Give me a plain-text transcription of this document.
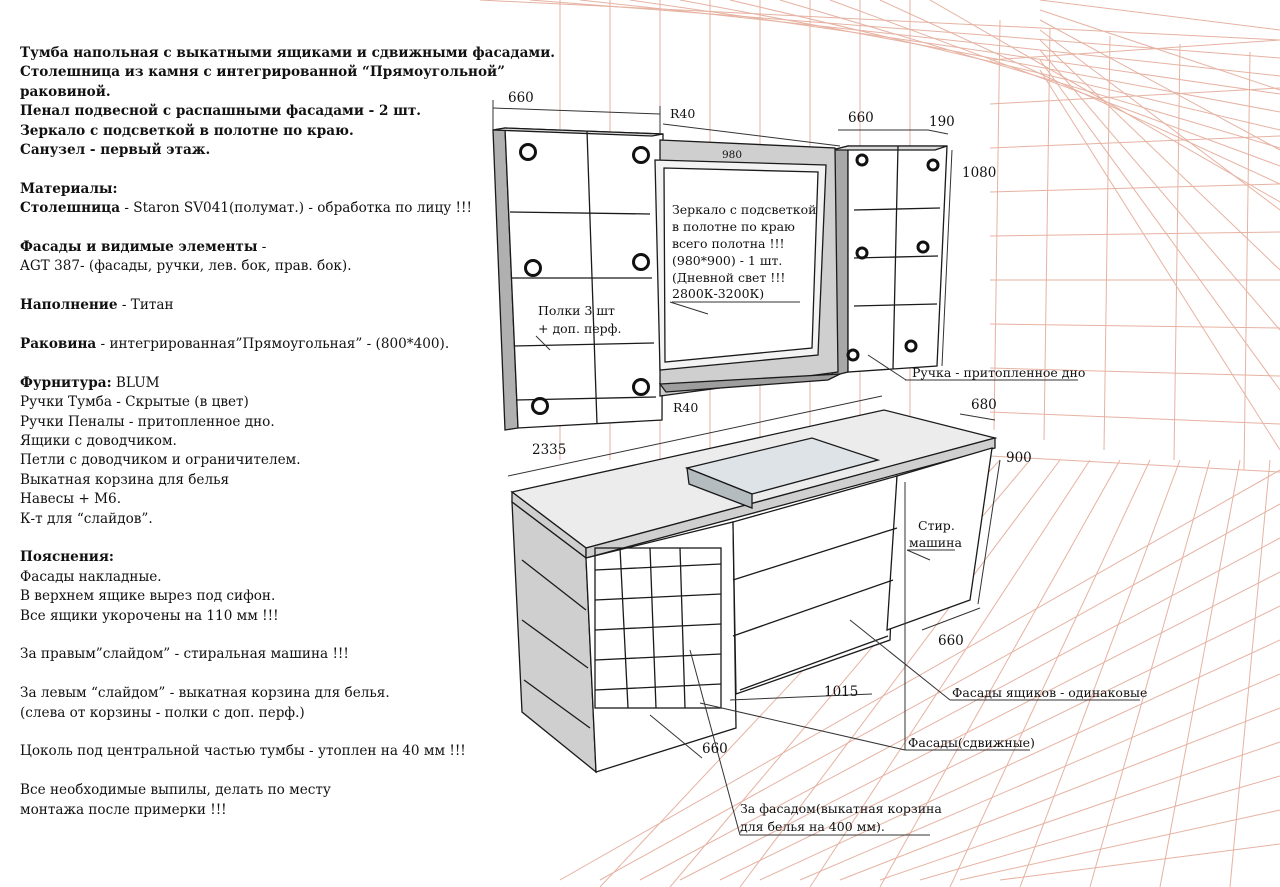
660
R40
980
660	190
1080
R40	680
2335	900
660
1015
660
Зеркало с подсветкой
в полотне по краю
всего полотна !!!
(980*900) - 1 шт.
(Дневной свет !!!
2800К-3200К)
Полки 3 шт
+ доп. перф.
Ручка - притопленное дно
Стир.
машина
Фасады ящиков - одинаковые
Фасады(сдвижные)
За фасадом(выкатная корзина
для белья на 400 мм).

Тумба напольная с выкатными ящиками и сдвижными фасадами.

Столешница из камня с интегрированной “Прямоугольной” раковиной.

Пенал подвесной с распашными фасадами - 2 шт.

Зеркало с подсветкой в полотне по краю.

Санузел - первый этаж.

Материалы:

Столешница - Staron SV041(полумат.) - обработка по лицу !!!

Фасады и видимые элементы -

AGT 387- (фасады, ручки, лев. бок, прав. бок).

Наполнение - Титан

Раковина - интегрированная”Прямоугольная” - (800*400).

Фурнитура: BLUM

Ручки Тумба - Скрытые (в цвет)

Ручки Пеналы - притопленное дно.

Ящики с доводчиком.

Петли с доводчиком и ограничителем.

Выкатная корзина для белья

Навесы + М6.

К-т для “слайдов”.

Пояснения:

Фасады накладные.

В верхнем ящике вырез под сифон.

Все ящики укорочены на 110 мм !!!

За правым”слайдом” - стиральная машина !!!

За левым “слайдом” - выкатная корзина для белья.

(слева от корзины - полки с доп. перф.)

Цоколь под центральной частью тумбы - утоплен на 40 мм !!!

Все необходимые выпилы, делать по месту

монтажа после примерки !!!
